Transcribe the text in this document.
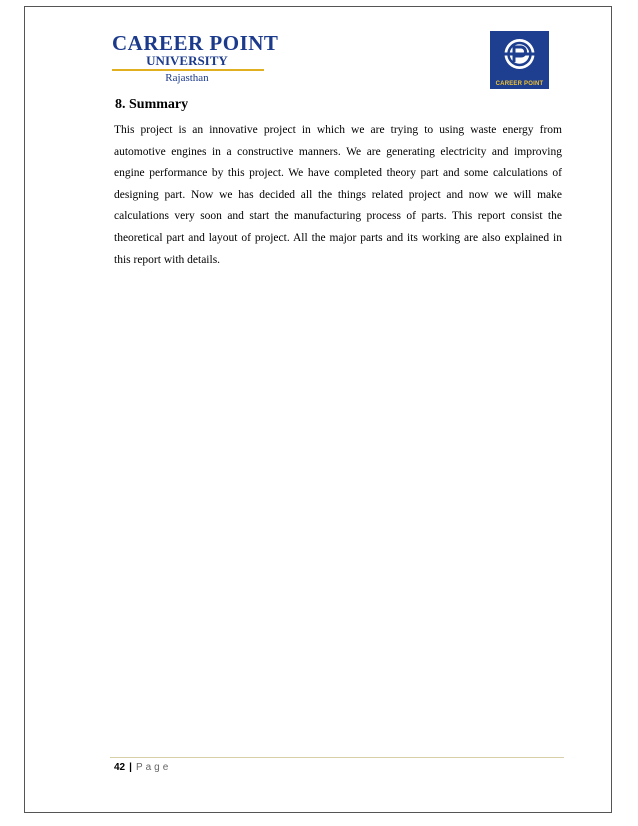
CAREER POINT
UNIVERSITY
Rajasthan	CAREER POINT
8. Summary
This project is an innovative project in which we are trying to using waste energy from automotive engines in a constructive manners. We are generating electricity and improving engine performance by this project. We have completed theory part and some calculations of designing part. Now we has decided all the things related project and now we will make calculations very soon and start the manufacturing process of parts. This report consist the theoretical part and layout of project. All the major parts and its working are also explained in this report with details.
42 | Page
